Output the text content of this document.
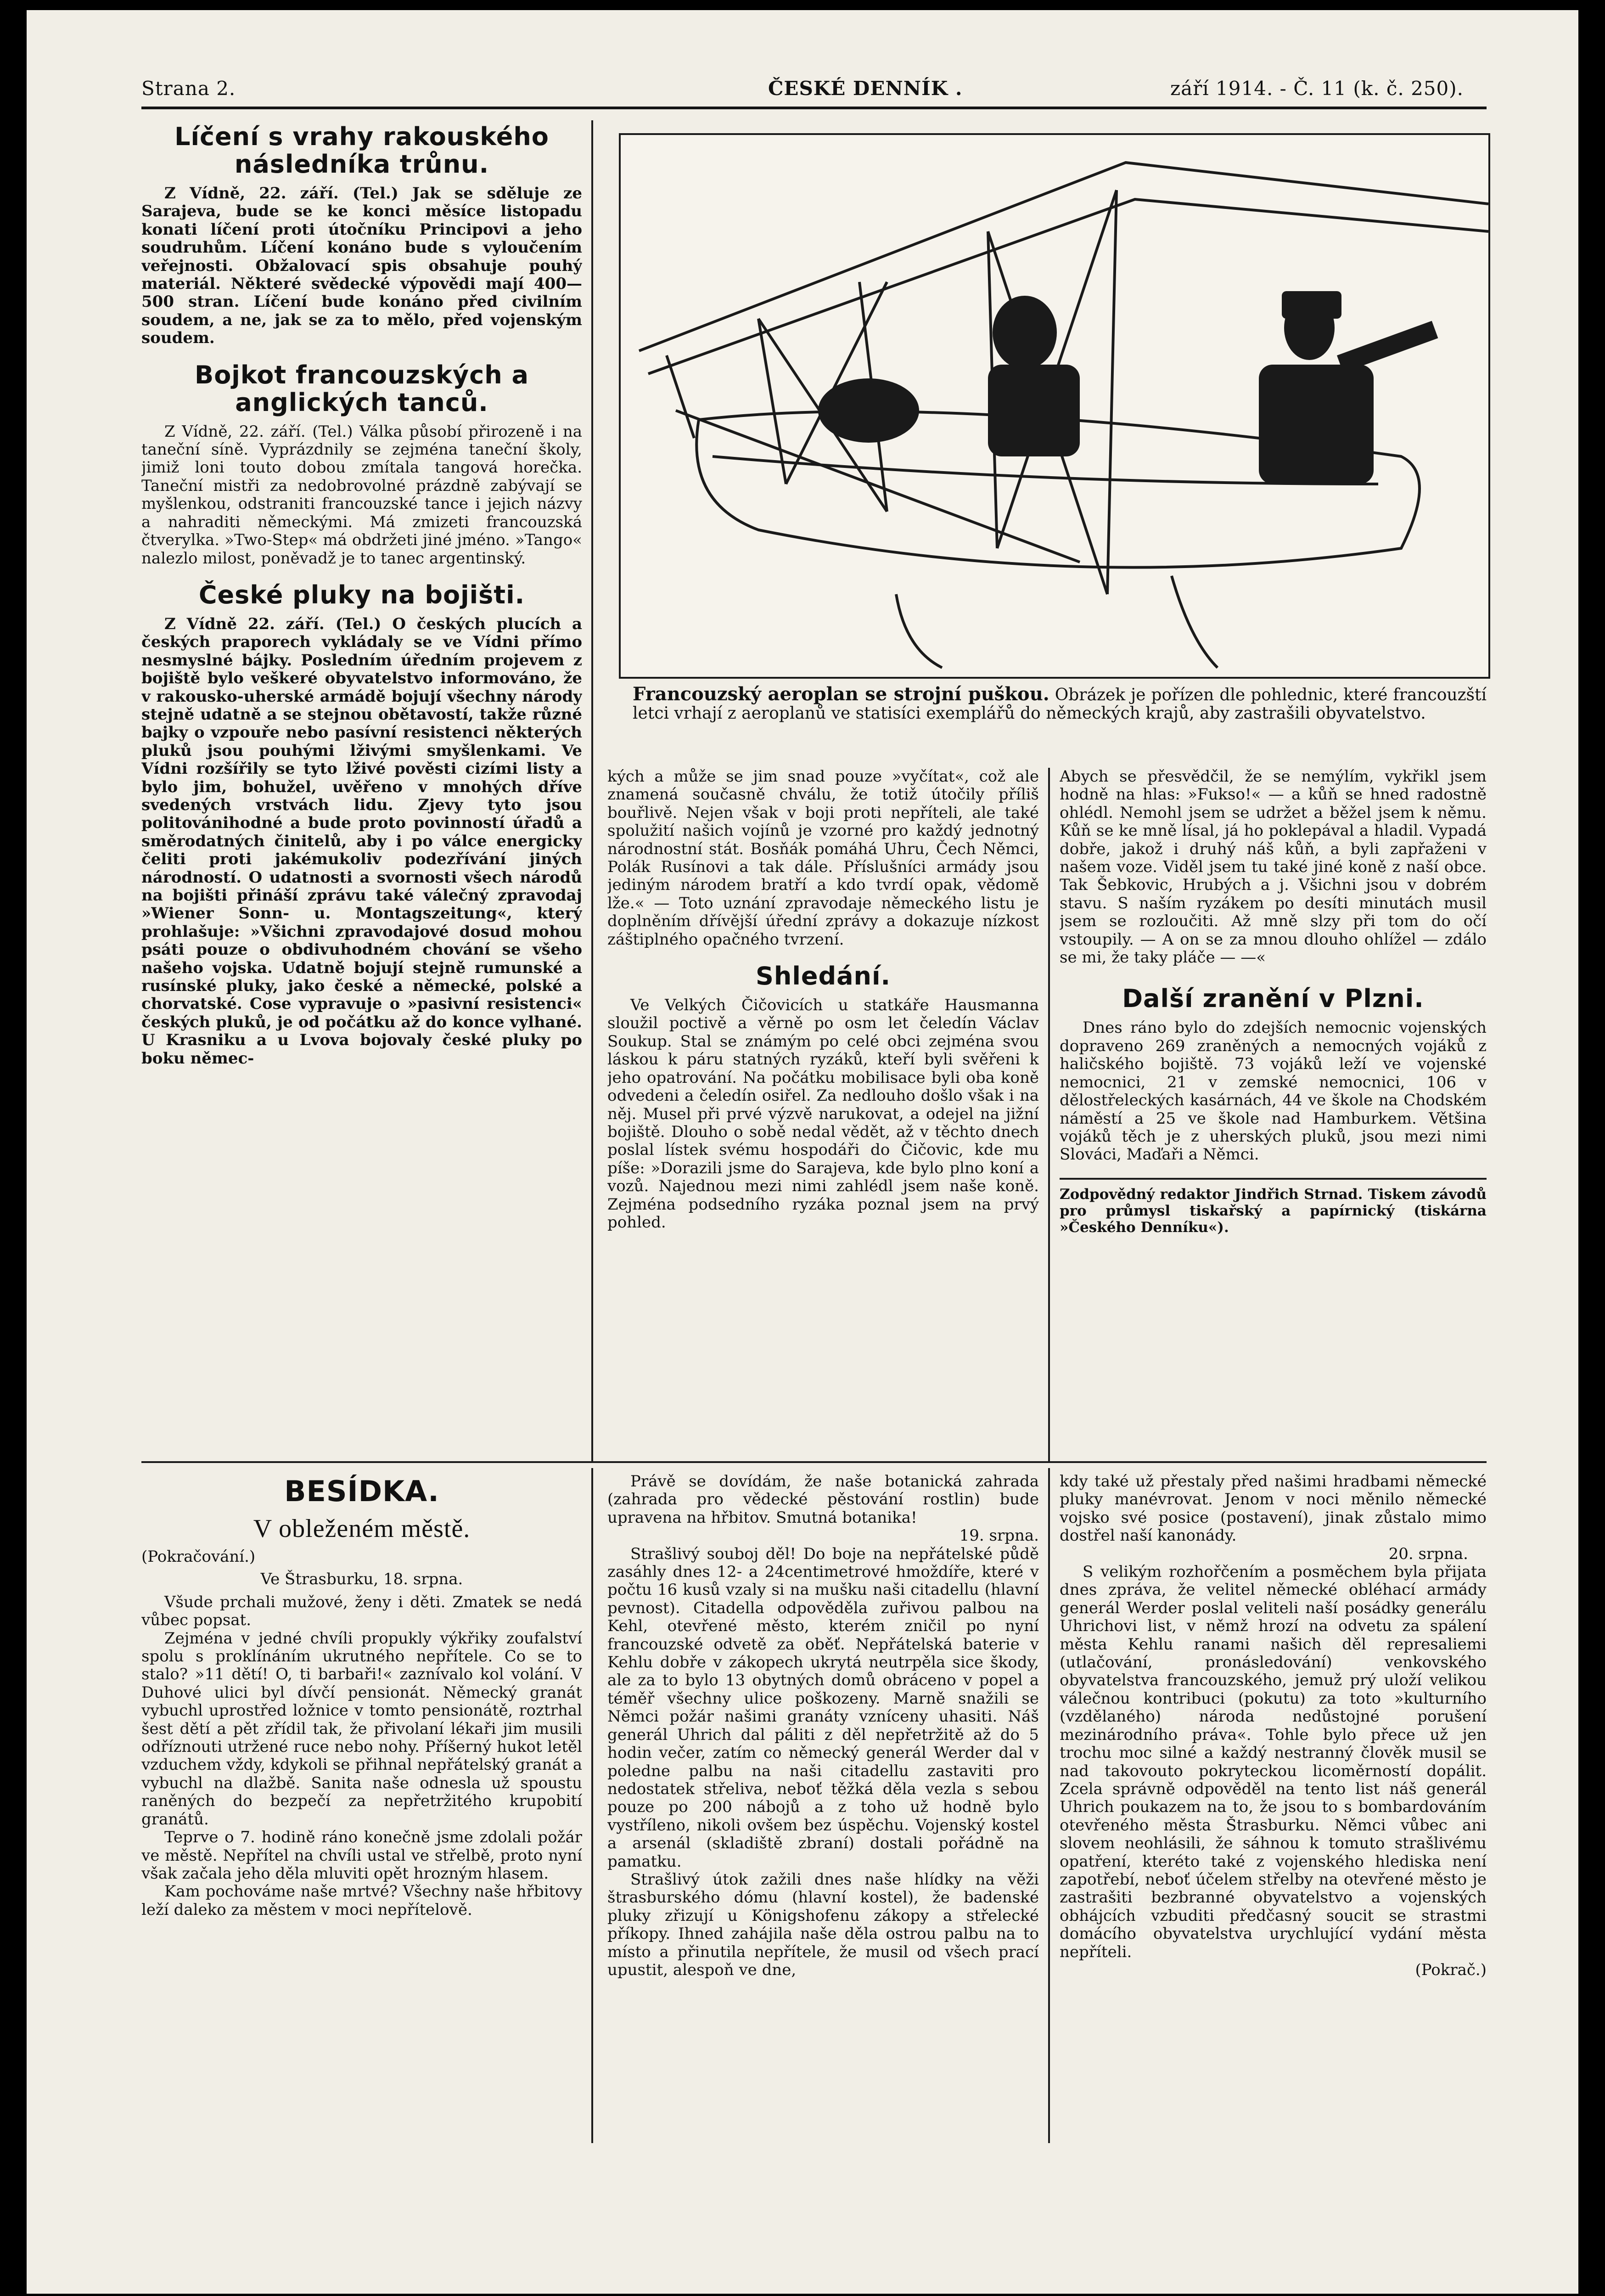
Strana 2.	ČESKÉ DENNÍK .	září 1914. - Č. 11 (k. č. 250).
Líčení s vrahy rakouského následníka trůnu.

Z Vídně, 22. září. (Tel.) Jak se sděluje ze Sarajeva, bude se ke konci měsíce listopadu konati líčení proti útočníku Principovi a jeho soudruhům. Líčení konáno bude s vyloučením veřejnosti. Obžalovací spis obsahuje pouhý materiál. Některé svědecké výpovědi mají 400—500 stran. Líčení bude konáno před civilním soudem, a ne, jak se za to mělo, před vojenským soudem.

Bojkot francouzských a anglických tanců.

Z Vídně, 22. září. (Tel.) Válka působí přirozeně i na taneční síně. Vyprázdnily se zejména taneční školy, jimiž loni touto dobou zmítala tangová horečka. Taneční mistři za nedobrovolné prázdně zabývají se myšlenkou, odstraniti francouzské tance i jejich názvy a nahraditi německými. Má zmizeti francouzská čtverylka. »Two-Step« má obdržeti jiné jméno. »Tango« nalezlo milost, poněvadž je to tanec argentinský.

České pluky na bojišti.

Z Vídně 22. září. (Tel.) O českých plucích a českých praporech vykládaly se ve Vídni přímo nesmyslné bájky. Posledním úředním projevem z bojiště bylo veškeré obyvatelstvo informováno, že v rakousko-uherské armádě bojují všechny národy stejně udatně a se stejnou obětavostí, takže různé bajky o vzpouře nebo pasívní resistenci některých pluků jsou pouhými lživými smyšlenkami. Ve Vídni rozšířily se tyto lživé pověsti cizími listy a bylo jim, bohužel, uvěřeno v mnohých dříve svedených vrstvách lidu. Zjevy tyto jsou politovánihodné a bude proto povinností úřadů a směrodatných činitelů, aby i po válce energicky čeliti proti jakémukoliv podezřívání jiných národností. O udatnosti a svornosti všech národů na bojišti přináší zprávu také válečný zpravodaj »Wiener Sonn- u. Montagszeitung«, který prohlašuje: »Všichni zpravodajové dosud mohou psáti pouze o obdivuhodném chování se všeho našeho vojska. Udatně bojují stejně rumunské a rusínské pluky, jako české a německé, polské a chorvatské. Cose vypravuje o »pasivní resistenci« českých pluků, je od počátku až do konce vylhané. U Krasniku a u Lvova bojovaly české pluky po boku němec-

Francouzský aeroplan se strojní puškou. Obrázek je pořízen dle pohlednic, které francouzští letci vrhají z aeroplanů ve statisíci exemplářů do německých krajů, aby zastrašili obyvatelstvo.

kých a může se jim snad pouze »vyčítat«, což ale znamená současně chválu, že totiž útočily příliš bouřlivě. Nejen však v boji proti nepříteli, ale také spolužití našich vojínů je vzorné pro každý jednotný národnostní stát. Bosňák pomáhá Uhru, Čech Němci, Polák Rusínovi a tak dále. Příslušníci armády jsou jediným národem bratří a kdo tvrdí opak, vědomě lže.« — Toto uznání zpravodaje německého listu je doplněním dřívější úřední zprávy a dokazuje nízkost záštiplného opačného tvrzení.

Shledání.

Ve Velkých Čičovicích u statkáře Hausmanna sloužil poctivě a věrně po osm let čeledín Václav Soukup. Stal se známým po celé obci zejména svou láskou k páru statných ryzáků, kteří byli svěřeni k jeho opatrování. Na počátku mobilisace byli oba koně odvedeni a čeledín osiřel. Za nedlouho došlo však i na něj. Musel při prvé výzvě narukovat, a odejel na jižní bojiště. Dlouho o sobě nedal vědět, až v těchto dnech poslal lístek svému hospodáři do Čičovic, kde mu píše: »Dorazili jsme do Sarajeva, kde bylo plno koní a vozů. Najednou mezi nimi zahlédl jsem naše koně. Zejména podsedního ryzáka poznal jsem na prvý pohled.

Abych se přesvědčil, že se nemýlím, vykřikl jsem hodně na hlas: »Fukso!« — a kůň se hned radostně ohlédl. Nemohl jsem se udržet a běžel jsem k němu. Kůň se ke mně lísal, já ho poklepával a hladil. Vypadá dobře, jakož i druhý náš kůň, a byli zapřaženi v našem voze. Viděl jsem tu také jiné koně z naší obce. Tak Šebkovic, Hrubých a j. Všichni jsou v dobrém stavu. S naším ryzákem po desíti minutách musil jsem se rozloučiti. Až mně slzy při tom do očí vstoupily. — A on se za mnou dlouho ohlížel — zdálo se mi, že taky pláče — —«

Další zranění v Plzni.

Dnes ráno bylo do zdejších nemocnic vojenských dopraveno 269 zraněných a nemocných vojáků z haličského bojiště. 73 vojáků leží ve vojenské nemocnici, 21 v zemské nemocnici, 106 v dělostřeleckých kasárnách, 44 ve škole na Chodském náměstí a 25 ve škole nad Hamburkem. Většina vojáků těch je z uherských pluků, jsou mezi nimi Slováci, Maďaři a Němci.

Zodpovědný redaktor Jindřich Strnad. Tiskem závodů pro průmysl tiskařský a papírnický (tiskárna »Českého Denníku«).

BESÍDKA.
V obleženém městě.

(Pokračování.)

Ve Štrasburku, 18. srpna.

Všude prchali mužové, ženy i děti. Zmatek se nedá vůbec popsat.

Zejména v jedné chvíli propukly výkřiky zoufalství spolu s proklínáním ukrutného nepřítele. Co se to stalo? »11 dětí! O, ti barbaři!« zaznívalo kol volání. V Duhové ulici byl dívčí pensionát. Německý granát vybuchl uprostřed ložnice v tomto pensionátě, roztrhal šest dětí a pět zřídil tak, že přivolaní lékaři jim musili odříznouti utržené ruce nebo nohy. Příšerný hukot letěl vzduchem vždy, kdykoli se přihnal nepřátelský granát a vybuchl na dlažbě. Sanita naše odnesla už spoustu raněných do bezpečí za nepřetržitého krupobití granátů.

Teprve o 7. hodině ráno konečně jsme zdolali požár ve městě. Nepřítel na chvíli ustal ve střelbě, proto nyní však začala jeho děla mluviti opět hrozným hlasem.

Kam pochováme naše mrtvé? Všechny naše hřbitovy leží daleko za městem v moci nepřítelově.

Právě se dovídám, že naše botanická zahrada (zahrada pro vědecké pěstování rostlin) bude upravena na hřbitov. Smutná botanika!

19. srpna.

Strašlivý souboj děl! Do boje na nepřátelské půdě zasáhly dnes 12- a 24centimetrové hmoždíře, které v počtu 16 kusů vzaly si na mušku naši citadellu (hlavní pevnost). Citadella odpověděla zuřivou palbou na Kehl, otevřené město, kterém zničil po nyní francouzské odvetě za oběť. Nepřátelská baterie v Kehlu dobře v zákopech ukrytá neutrpěla sice škody, ale za to bylo 13 obytných domů obráceno v popel a téměř všechny ulice poškozeny. Marně snažili se Němci požár našimi granáty vzníceny uhasiti. Náš generál Uhrich dal páliti z děl nepřetržitě až do 5 hodin večer, zatím co německý generál Werder dal v poledne palbu na naši citadellu zastaviti pro nedostatek střeliva, neboť těžká děla vezla s sebou pouze po 200 nábojů a z toho už hodně bylo vystříleno, nikoli ovšem bez úspěchu. Vojenský kostel a arsenál (skladiště zbraní) dostali pořádně na pamatku.

Strašlivý útok zažili dnes naše hlídky na věži štrasburského dómu (hlavní kostel), že badenské pluky zřizují u Königshofenu zákopy a střelecké příkopy. Ihned zahájila naše děla ostrou palbu na to místo a přinutila nepřítele, že musil od všech prací upustit, alespoň ve dne,

kdy také už přestaly před našimi hradbami německé pluky manévrovat. Jenom v noci měnilo německé vojsko své posice (postavení), jinak zůstalo mimo dostřel naší kanonády.

20. srpna.

S velikým rozhořčením a posměchem byla přijata dnes zpráva, že velitel německé obléhací armády generál Werder poslal veliteli naší posádky generálu Uhrichovi list, v němž hrozí na odvetu za spálení města Kehlu ranami našich děl represaliemi (utlačování, pronásledování) venkovského obyvatelstva francouzského, jemuž prý uloží velikou válečnou kontribuci (pokutu) za toto »kulturního (vzdělaného) národa nedůstojné porušení mezinárodního práva«. Tohle bylo přece už jen trochu moc silné a každý nestranný člověk musil se nad takovouto pokryteckou licoměrností dopálit. Zcela správně odpověděl na tento list náš generál Uhrich poukazem na to, že jsou to s bombardováním otevřeného města Štrasburku. Němci vůbec ani slovem neohlásili, že sáhnou k tomuto strašlivému opatření, kteréto také z vojenského hlediska není zapotřebí, neboť účelem střelby na otevřené město je zastrašiti bezbranné obyvatelstvo a vojenských obhájcích vzbuditi předčasný soucit se strastmi domácího obyvatelstva urychlující vydání města nepříteli.

(Pokrač.)
